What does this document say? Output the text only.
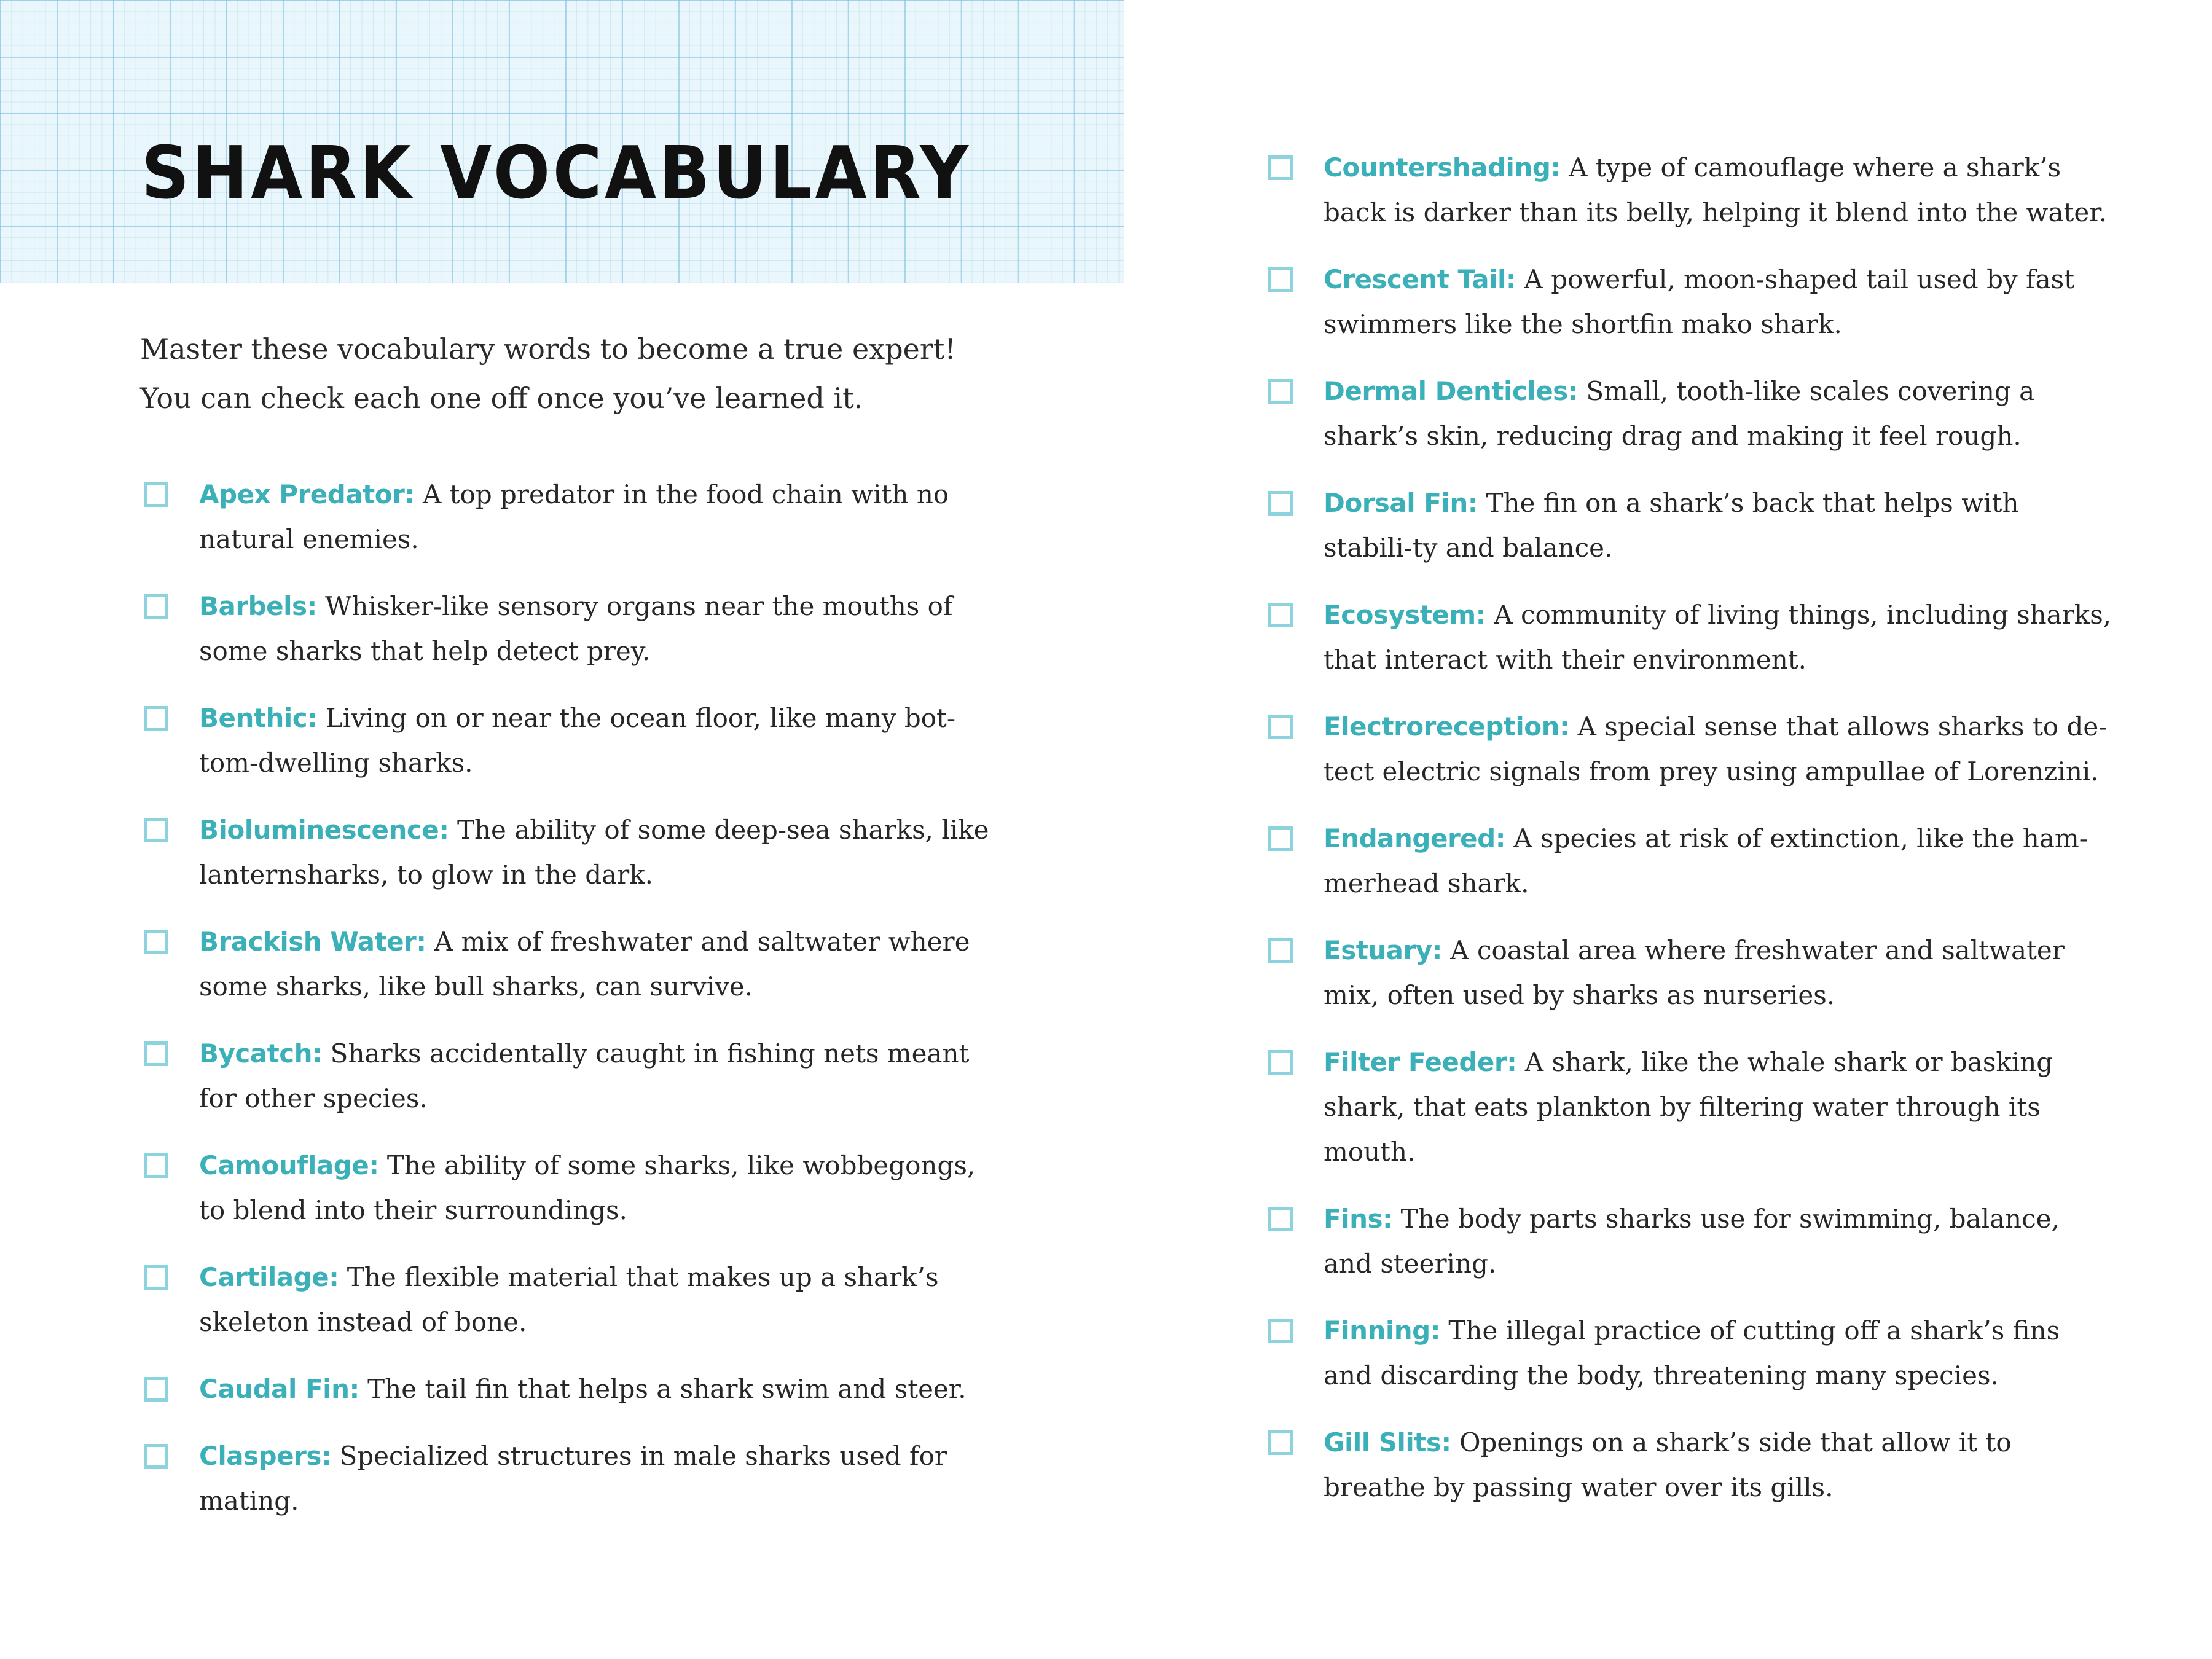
SHARK VOCABULARY

Master these vocabulary words to become a true expert! You can check each one off once you’ve learned it.

Apex Predator: A top predator in the food chain with no natural enemies.
Barbels: Whisker-like sensory organs near the mouths of some sharks that help detect prey.
Benthic: Living on or near the ocean floor, like many bot-tom-dwelling sharks.
Bioluminescence: The ability of some deep-sea sharks, like lanternsharks, to glow in the dark.
Brackish Water: A mix of freshwater and saltwater where some sharks, like bull sharks, can survive.
Bycatch: Sharks accidentally caught in fishing nets meant for other species.
Camouflage: The ability of some sharks, like wobbegongs, to blend into their surroundings.
Cartilage: The flexible material that makes up a shark’s skeleton instead of bone.
Caudal Fin: The tail fin that helps a shark swim and steer.
Claspers: Specialized structures in male sharks used for mating.
Countershading: A type of camouflage where a shark’s back is darker than its belly, helping it blend into the water.
Crescent Tail: A powerful, moon-shaped tail used by fast swimmers like the shortfin mako shark.
Dermal Denticles: Small, tooth-like scales covering a shark’s skin, reducing drag and making it feel rough.
Dorsal Fin: The fin on a shark’s back that helps with stabili-ty and balance.
Ecosystem: A community of living things, including sharks, that interact with their environment.
Electroreception: A special sense that allows sharks to de-tect electric signals from prey using ampullae of Lorenzini.
Endangered: A species at risk of extinction, like the ham-merhead shark.
Estuary: A coastal area where freshwater and saltwater mix, often used by sharks as nurseries.
Filter Feeder: A shark, like the whale shark or basking shark, that eats plankton by filtering water through its mouth.
Fins: The body parts sharks use for swimming, balance, and steering.
Finning: The illegal practice of cutting off a shark’s fins and discarding the body, threatening many species.
Gill Slits: Openings on a shark’s side that allow it to breathe by passing water over its gills.
